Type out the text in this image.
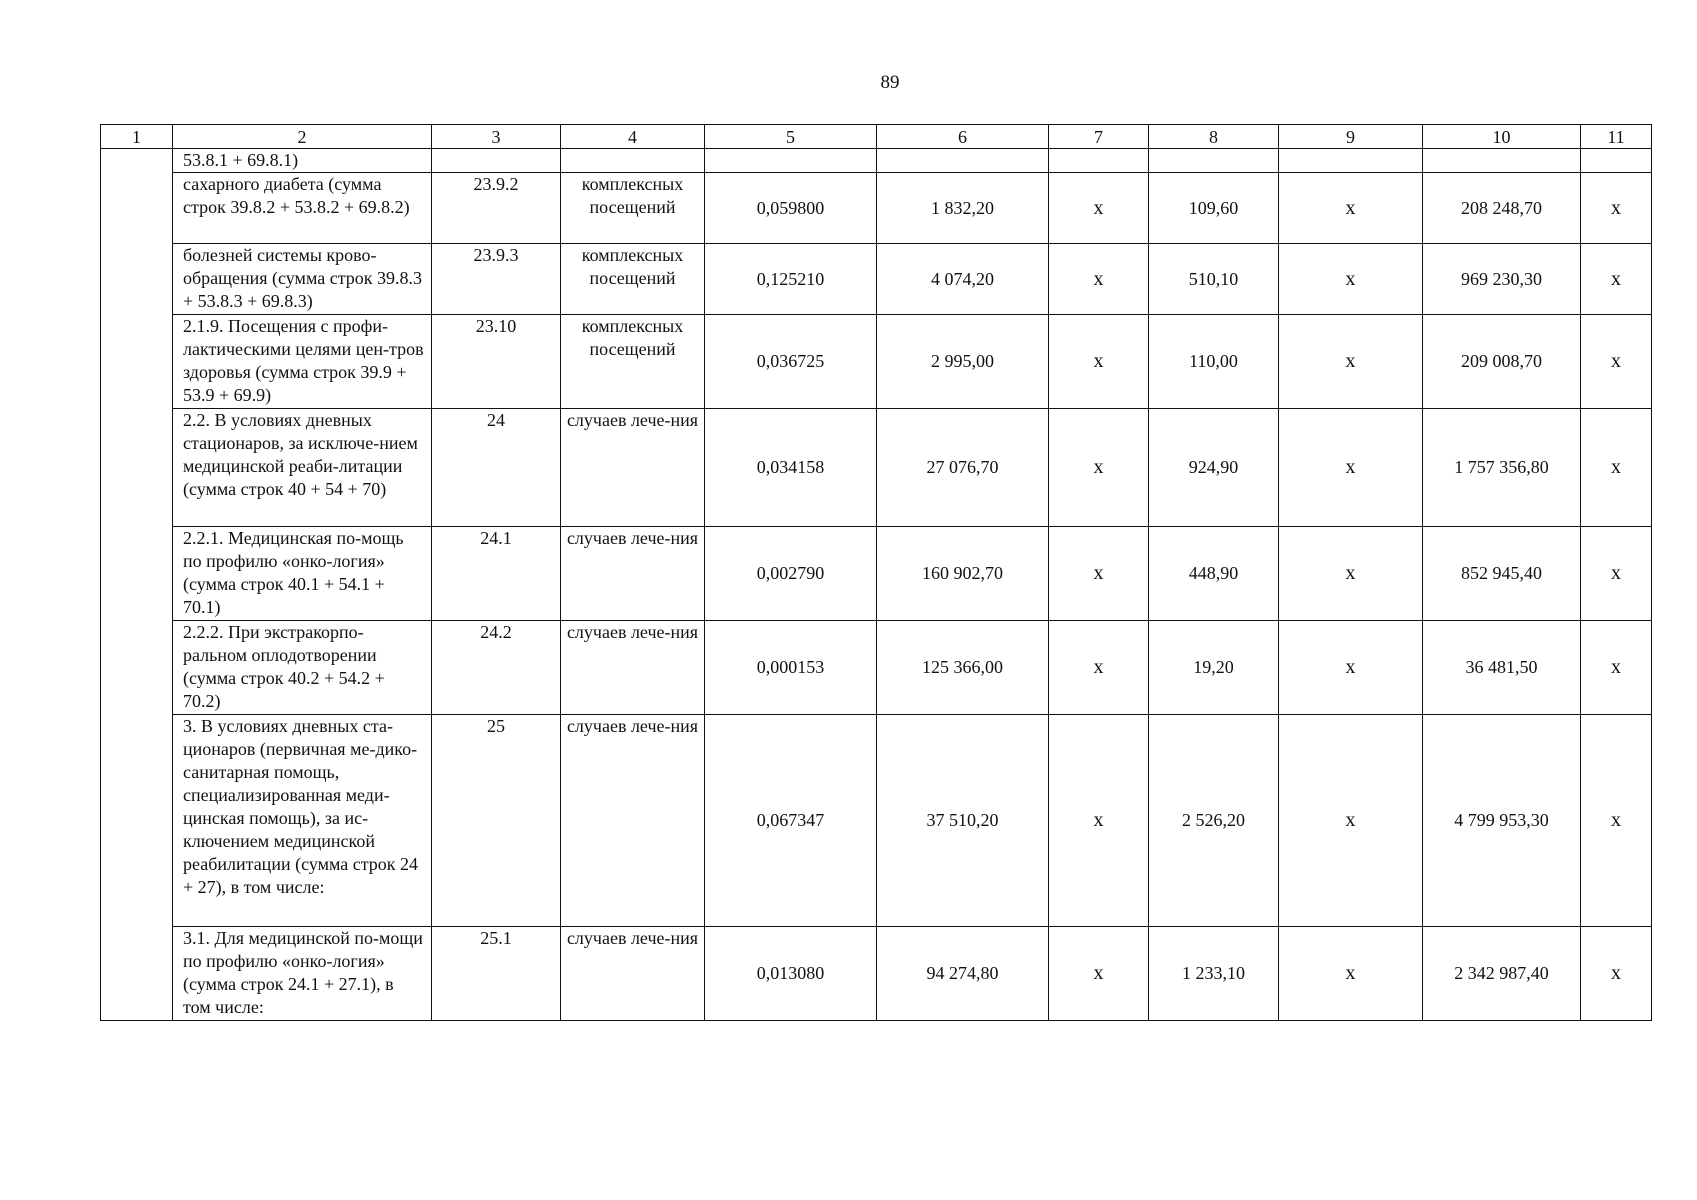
89
1	2	3	4	5	6	7	8	9	10	11
	53.8.1 + 69.8.1)									
	сахарного диабета (сумма строк 39.8.2 + 53.8.2 + 69.8.2)	23.9.2	комплексных посещений	0,059800	1 832,20	x	109,60	x	208 248,70	x
	болезней системы крово-обращения (сумма строк 39.8.3 + 53.8.3 + 69.8.3)	23.9.3	комплексных посещений	0,125210	4 074,20	x	510,10	x	969 230,30	x
	2.1.9. Посещения с профи-лактическими целями цен-тров здоровья (сумма строк 39.9 + 53.9 + 69.9)	23.10	комплексных посещений	0,036725	2 995,00	x	110,00	x	209 008,70	x
	2.2. В условиях дневных стационаров, за исключе-нием медицинской реаби-литации (сумма строк 40 + 54 + 70)	24	случаев лече-ния	0,034158	27 076,70	x	924,90	x	1 757 356,80	x
	2.2.1. Медицинская по-мощь по профилю «онко-логия» (сумма строк 40.1 + 54.1 + 70.1)	24.1	случаев лече-ния	0,002790	160 902,70	x	448,90	x	852 945,40	x
	2.2.2. При экстракорпо-ральном оплодотворении (сумма строк 40.2 + 54.2 + 70.2)	24.2	случаев лече-ния	0,000153	125 366,00	x	19,20	x	36 481,50	x
	3. В условиях дневных ста-ционаров (первичная ме-дико-санитарная помощь, специализированная меди-цинская помощь), за ис-ключением медицинской реабилитации (сумма строк 24 + 27), в том числе:	25	случаев лече-ния	0,067347	37 510,20	x	2 526,20	x	4 799 953,30	x
	3.1. Для медицинской по-мощи по профилю «онко-логия» (сумма строк 24.1 + 27.1), в том числе:	25.1	случаев лече-ния	0,013080	94 274,80	x	1 233,10	x	2 342 987,40	x
